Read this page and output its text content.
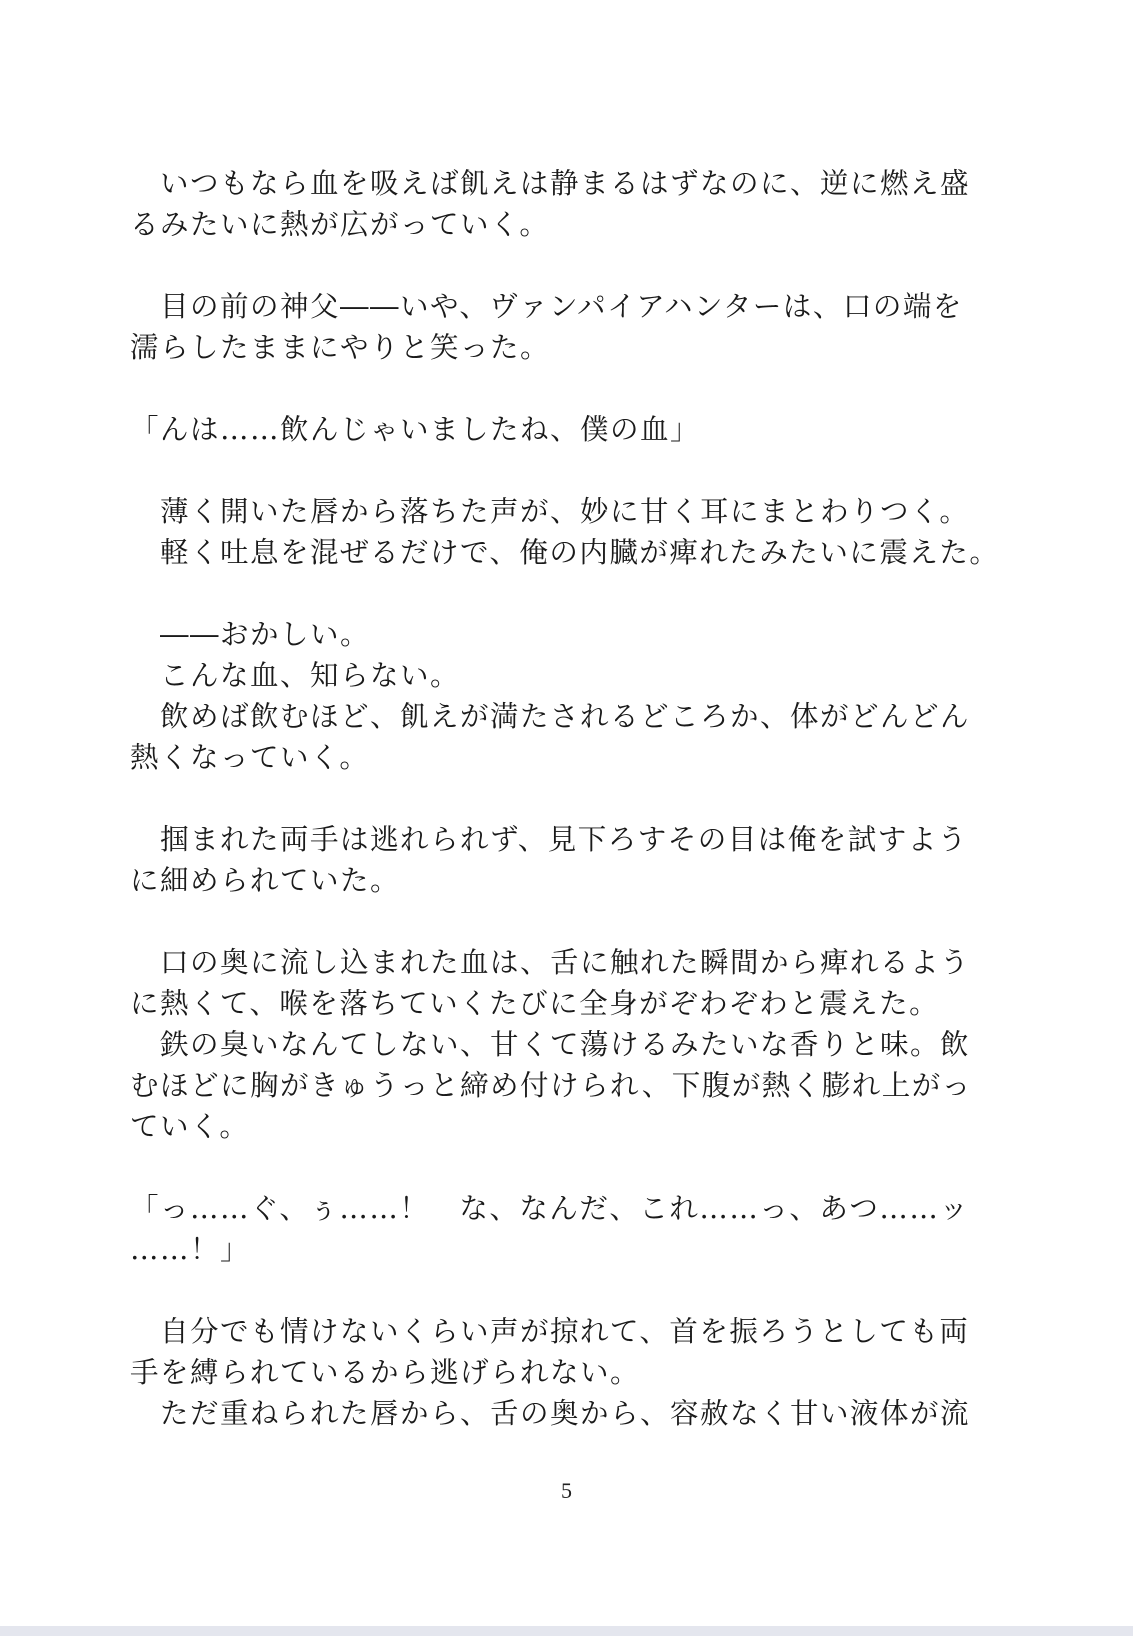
　いつもなら血を吸えば飢えは静まるはずなのに、逆に燃え盛
るみたいに熱が広がっていく。
　目の前の神父――いや、ヴァンパイアハンターは、口の端を
濡らしたままにやりと笑った。
「んは……飲んじゃいましたね、僕の血」
　薄く開いた唇から落ちた声が、妙に甘く耳にまとわりつく。
　軽く吐息を混ぜるだけで、俺の内臓が痺れたみたいに震えた。
　――おかしい。
　こんな血、知らない。
　飲めば飲むほど、飢えが満たされるどころか、体がどんどん
熱くなっていく。
　掴まれた両手は逃れられず、見下ろすその目は俺を試すよう
に細められていた。
　口の奥に流し込まれた血は、舌に触れた瞬間から痺れるよう
に熱くて、喉を落ちていくたびに全身がぞわぞわと震えた。
　鉄の臭いなんてしない、甘くて蕩けるみたいな香りと味。飲
むほどに胸がきゅうっと締め付けられ、下腹が熱く膨れ上がっ
ていく。
「っ……ぐ、ぅ……！　な、なんだ、これ……っ、あつ……ッ
……！」
　自分でも情けないくらい声が掠れて、首を振ろうとしても両
手を縛られているから逃げられない。
　ただ重ねられた唇から、舌の奥から、容赦なく甘い液体が流
5
